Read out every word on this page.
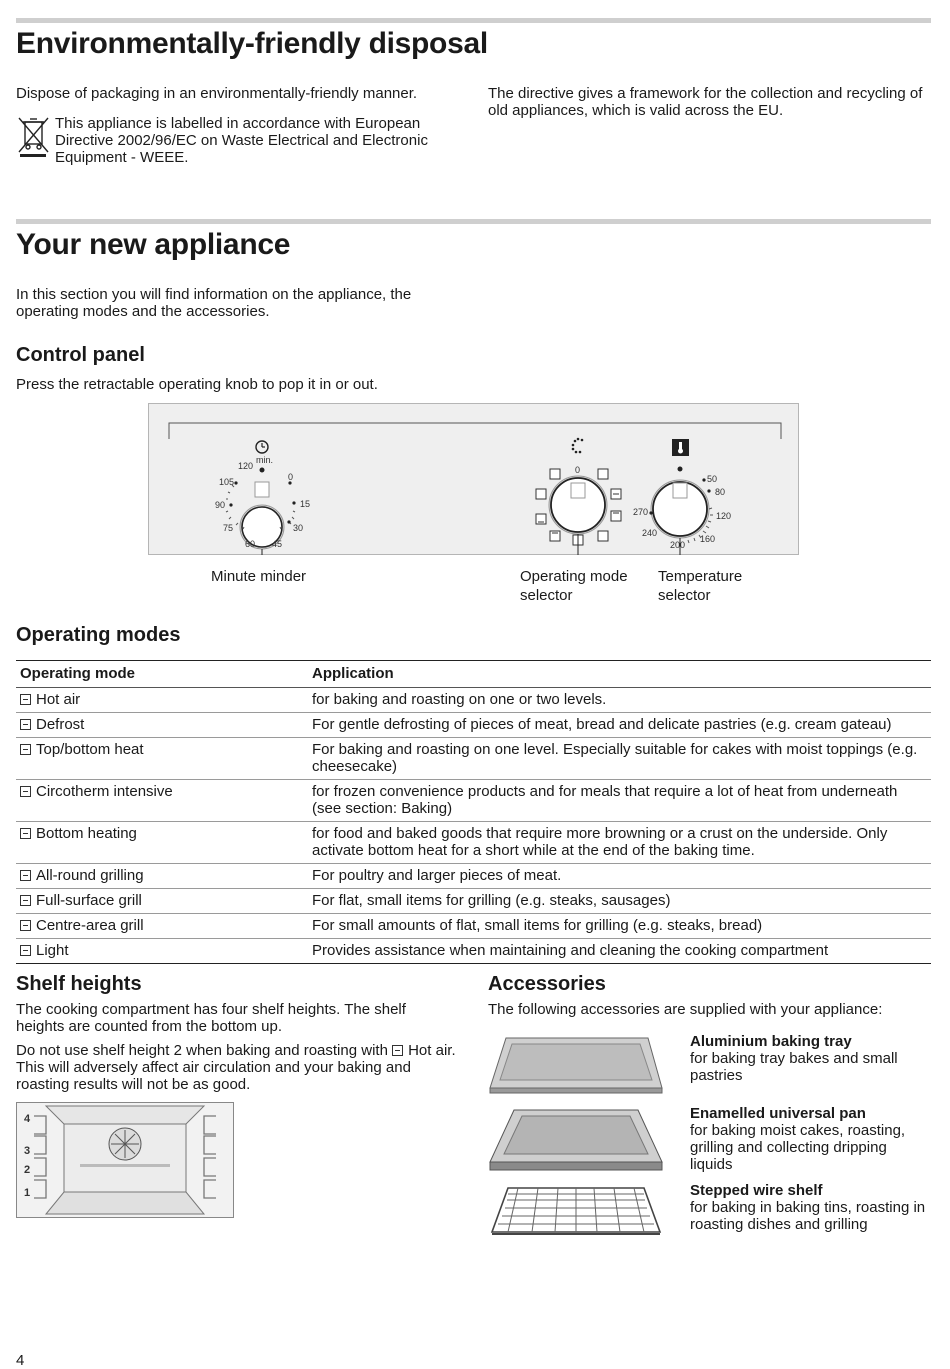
Environmentally-friendly disposal

Dispose of packaging in an environmentally-friendly manner.

This appliance is labelled in accordance with European Directive 2002/96/EC on Waste Electrical and Electronic Equipment - WEEE.

The directive gives a framework for the collection and recycling of old appliances, which is valid across the EU.

Your new appliance

In this section you will find information on the appliance, the operating modes and the accessories.

Control panel

Press the retractable operating knob to pop it in or out.

min.
120
0
105
15
90
75	30
60 45
0
50
80
270	120
240
160
200
Minute minder	Operating mode
selector
Temperature
selector
Operating modes
Operating mode	Application
Hot air	for baking and roasting on one or two levels.
Defrost	For gentle defrosting of pieces of meat, bread and delicate pastries (e.g. cream gateau)
Top/bottom heat	For baking and roasting on one level. Especially suitable for cakes with moist toppings (e.g. cheesecake)
Circotherm intensive	for frozen convenience products and for meals that require a lot of heat from underneath (see section: Baking)
Bottom heating	for food and baked goods that require more browning or a crust on the underside. Only activate bottom heat for a short while at the end of the baking time.
All-round grilling	For poultry and larger pieces of meat.
Full-surface grill	For flat, small items for grilling (e.g. steaks, sausages)
Centre-area grill	For small amounts of flat, small items for grilling (e.g. steaks, bread)
Light	Provides assistance when maintaining and cleaning the cooking compartment
Shelf heights

The cooking compartment has four shelf heights. The shelf heights are counted from the bottom up.

Do not use shelf height 2 when baking and roasting with Hot air. This will adversely affect air circulation and your baking and roasting results will not be as good.

4
3
2
1
Accessories

The following accessories are supplied with your appliance:

Aluminium baking tray
for baking tray bakes and small pastries
Enamelled universal pan
for baking moist cakes, roasting, grilling and collecting dripping liquids
Stepped wire shelf
for baking in baking tins, roasting in roasting dishes and grilling
4
